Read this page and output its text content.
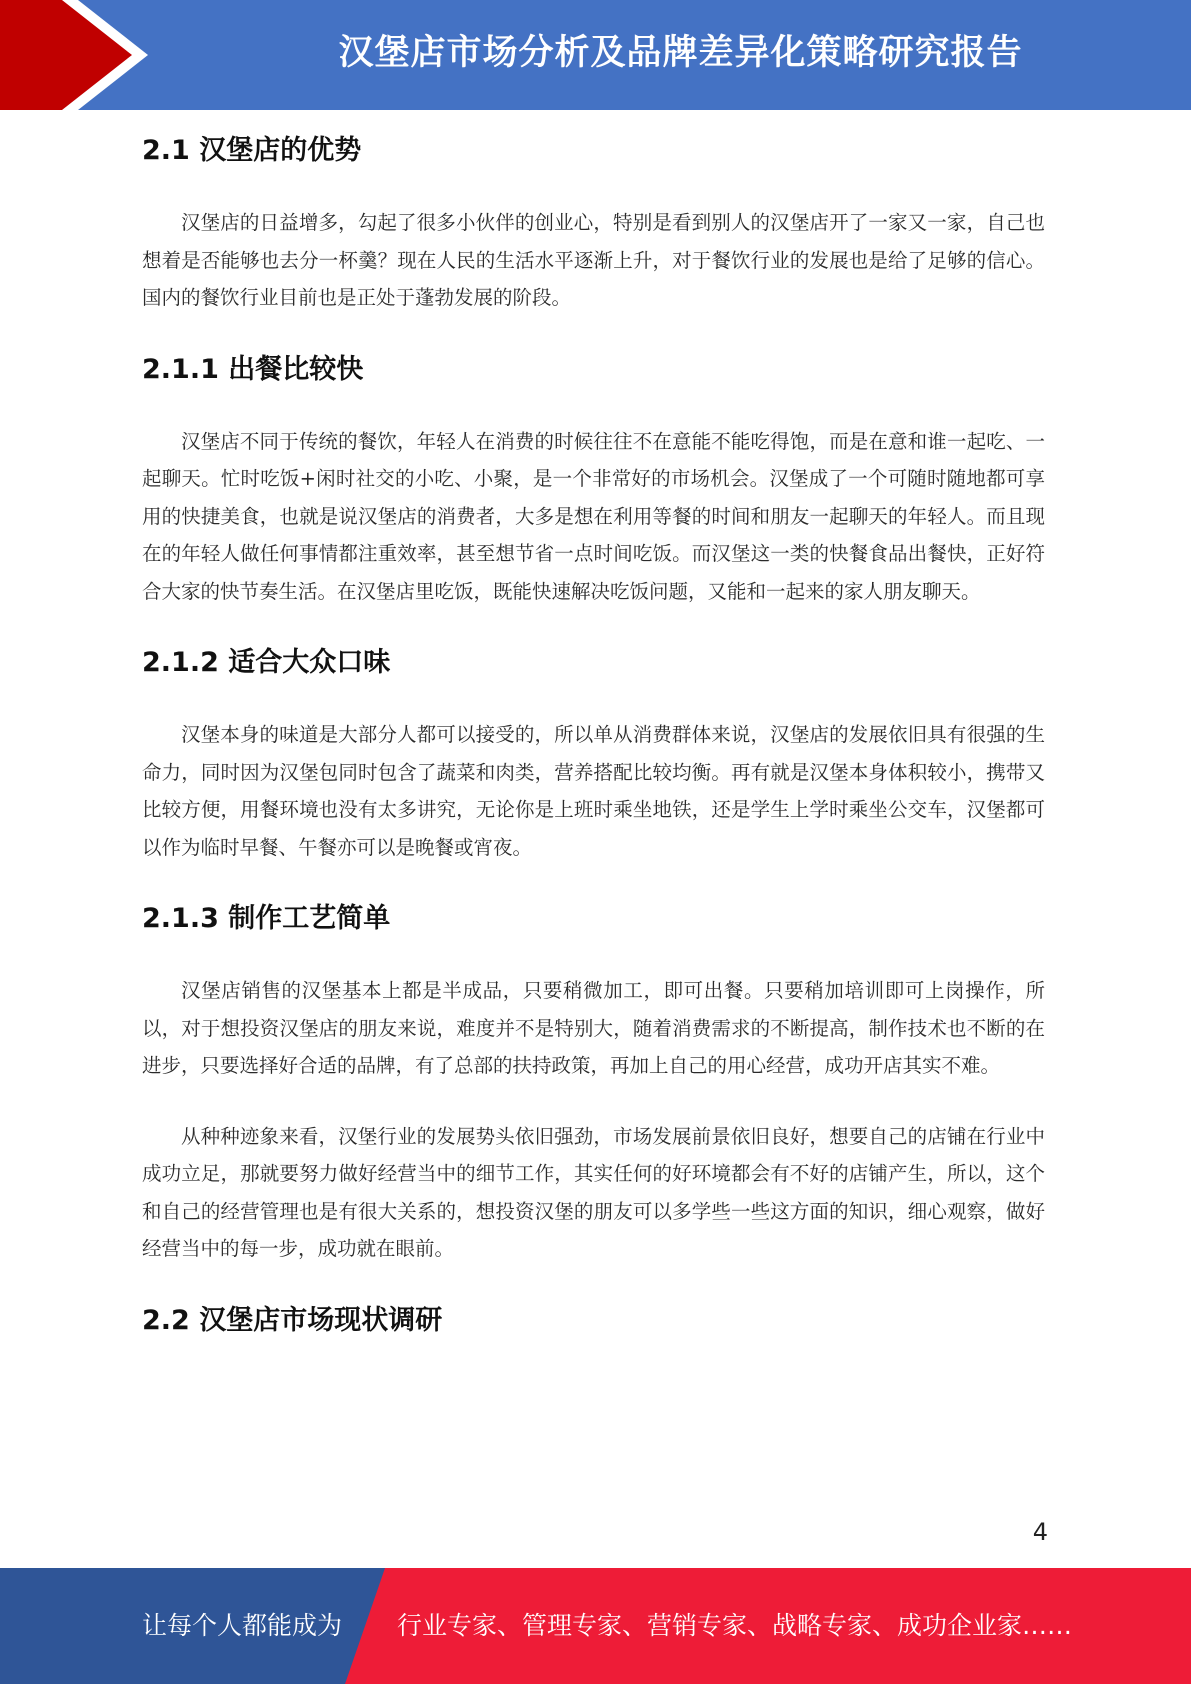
汉堡店市场分析及品牌差异化策略研究报告
2.1 汉堡店的优势

汉堡店的日益增多，勾起了很多小伙伴的创业心，特别是看到别人的汉堡店开了一家又一家，自己也想着是否能够也去分一杯羹？现在人民的生活水平逐渐上升，对于餐饮行业的发展也是给了足够的信心。国内的餐饮行业目前也是正处于蓬勃发展的阶段。

2.1.1 出餐比较快

汉堡店不同于传统的餐饮，年轻人在消费的时候往往不在意能不能吃得饱，而是在意和谁一起吃、一起聊天。忙时吃饭+闲时社交的小吃、小聚，是一个非常好的市场机会。汉堡成了一个可随时随地都可享用的快捷美食，也就是说汉堡店的消费者，大多是想在利用等餐的时间和朋友一起聊天的年轻人。而且现在的年轻人做任何事情都注重效率，甚至想节省一点时间吃饭。而汉堡这一类的快餐食品出餐快，正好符合大家的快节奏生活。在汉堡店里吃饭，既能快速解决吃饭问题，又能和一起来的家人朋友聊天。

2.1.2 适合大众口味

汉堡本身的味道是大部分人都可以接受的，所以单从消费群体来说，汉堡店的发展依旧具有很强的生命力，同时因为汉堡包同时包含了蔬菜和肉类，营养搭配比较均衡。再有就是汉堡本身体积较小，携带又比较方便，用餐环境也没有太多讲究，无论你是上班时乘坐地铁，还是学生上学时乘坐公交车，汉堡都可以作为临时早餐、午餐亦可以是晚餐或宵夜。

2.1.3 制作工艺简单

汉堡店销售的汉堡基本上都是半成品，只要稍微加工，即可出餐。只要稍加培训即可上岗操作，所以，对于想投资汉堡店的朋友来说，难度并不是特别大，随着消费需求的不断提高，制作技术也不断的在进步，只要选择好合适的品牌，有了总部的扶持政策，再加上自己的用心经营，成功开店其实不难。

从种种迹象来看，汉堡行业的发展势头依旧强劲，市场发展前景依旧良好，想要自己的店铺在行业中成功立足，那就要努力做好经营当中的细节工作，其实任何的好环境都会有不好的店铺产生，所以，这个和自己的经营管理也是有很大关系的，想投资汉堡的朋友可以多学些一些这方面的知识，细心观察，做好经营当中的每一步，成功就在眼前。

2.2 汉堡店市场现状调研
4
让每个人都能成为 行业专家、管理专家、营销专家、战略专家、成功企业家……
